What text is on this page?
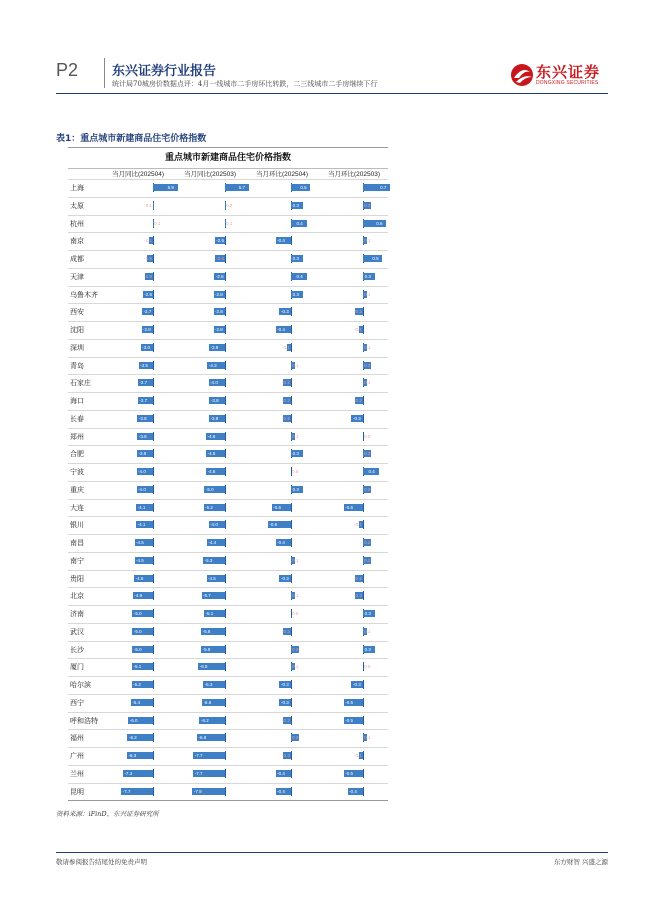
P2	东兴证券行业报告
统计局70城房价数据点评：4月一线城市二手房环比转跌，二三线城市二手房继续下行
东兴证券
DONGXING SECURITIES
表1：重点城市新建商品住宅价格指数
重点城市新建商品住宅价格指数
当月同比(202504)	当月同比(202503)	当月环比(202504)	当月环比(202503)
上海	5.9	5.7	0.5	0.7
太原	-0.1	0.2	0.3	0.2
杭州	0.1	0.1	0.4	0.6
南京	-1.1	-2.5	-0.4	0.1
成都	-1.5	-2.4	0.3	0.5
天津	-1.9	-2.6	0.4	0.3
乌鲁木齐	-2.5	-2.8	0.3	0.1
西安	-2.7	-2.8	-0.3	-0.2
沈阳	-2.8	-2.8	-0.4	-0.1
深圳	-3.0	-3.9	-0.1	0.1
青岛	-3.5	-4.3	0.1	0.2
石家庄	-3.7	-4.0	-0.2	0.1
海口	-3.7	-3.8	-0.2	-0.2
长春	-3.8	-3.9	-0.2	-0.3
郑州	-3.8	-4.6	0.1	0.0
合肥	-3.9	-4.6	0.3	0.2
宁波	-4.0	-4.6	0.0	0.4
重庆	-4.0	-5.0	0.3	0.2
大连	-4.1	-5.2	-0.5	-0.5
银川	-4.1	-4.0	-0.6	-0.1
南昌	-4.5	-4.4	-0.4	0.2
南宁	-4.5	-5.3	0.1	0.2
贵阳	-4.6	-4.5	-0.3	-0.2
北京	-4.9	-5.7	0.1	-0.2
济南	-5.0	-5.1	0.0	0.3
武汉	-5.0	-5.8	-0.2	0.1
长沙	-5.0	-5.8	0.2	0.3
厦门	-5.1	-6.5	0.1	0.0
哈尔滨	-5.2	-5.3	-0.3	-0.3
西宁	-5.4	-5.6	-0.3	-0.5
呼和浩特	-6.0	-6.2	-0.2	-0.5
福州	-6.2	-6.8	0.2	0.1
广州	-6.3	-7.7	-0.2	-0.1
兰州	-7.3	-7.7	-0.4	-0.5
昆明	-7.7	-7.9	-0.4	-0.4
资料来源：iFinD、东兴证券研究所
敬请参阅报告结尾处的免责声明	东方财智 兴盛之源
